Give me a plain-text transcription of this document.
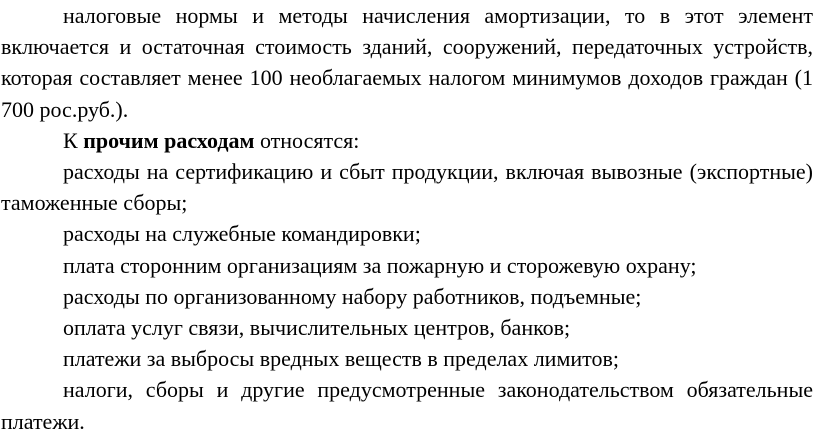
налоговые нормы и методы начисления амортизации, то в этот элемент включается и остаточная стоимость зданий, сооружений, передаточных устройств, которая составляет менее 100 необлагаемых налогом минимумов доходов граждан (1 700 рос.руб.).

К прочим расходам относятся:

расходы на сертификацию и сбыт продукции, включая вывозные (экспортные) таможенные сборы;

расходы на служебные командировки;

плата сторонним организациям за пожарную и сторожевую охрану;

расходы по организованному набору работников, подъемные;

оплата услуг связи, вычислительных центров, банков;

платежи за выбросы вредных веществ в пределах лимитов;

налоги, сборы и другие предусмотренные законодательством обязательные платежи.
